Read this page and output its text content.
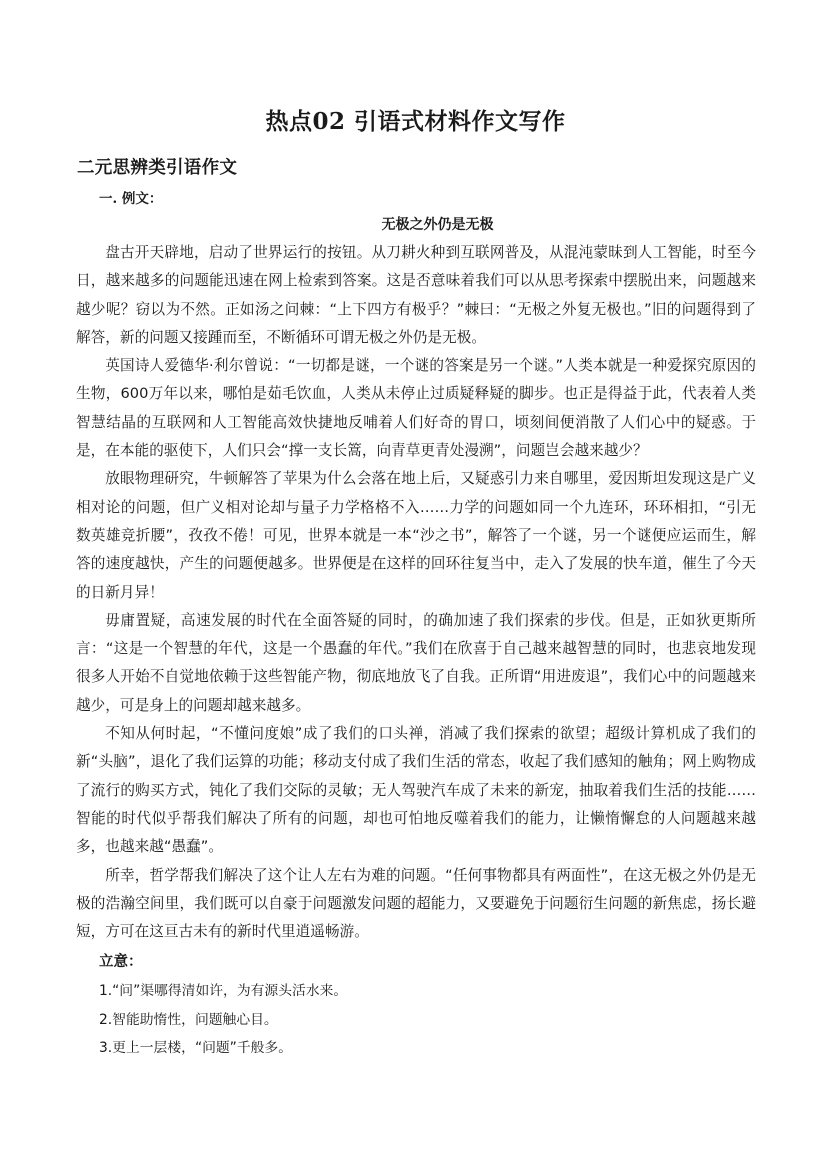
热点02 引语式材料作文写作
二元思辨类引语作文
一. 例文：
无极之外仍是无极

盘古开天辟地，启动了世界运行的按钮。从刀耕火种到互联网普及，从混沌蒙昧到人工智能，时至今日，越来越多的问题能迅速在网上检索到答案。这是否意味着我们可以从思考探索中摆脱出来，问题越来越少呢？窃以为不然。正如汤之问棘：“上下四方有极乎？”棘曰：“无极之外复无极也。”旧的问题得到了解答，新的问题又接踵而至，不断循环可谓无极之外仍是无极。

英国诗人爱德华·利尔曾说：“一切都是谜，一个谜的答案是另一个谜。”人类本就是一种爱探究原因的生物，600万年以来，哪怕是茹毛饮血，人类从未停止过质疑释疑的脚步。也正是得益于此，代表着人类智慧结晶的互联网和人工智能高效快捷地反哺着人们好奇的胃口，顷刻间便消散了人们心中的疑惑。于是，在本能的驱使下，人们只会“撑一支长篙，向青草更青处漫溯”，问题岂会越来越少？

放眼物理研究，牛顿解答了苹果为什么会落在地上后，又疑惑引力来自哪里，爱因斯坦发现这是广义相对论的问题，但广义相对论却与量子力学格格不入……力学的问题如同一个九连环，环环相扣，“引无数英雄竞折腰”，孜孜不倦！可见，世界本就是一本“沙之书”，解答了一个谜，另一个谜便应运而生，解答的速度越快，产生的问题便越多。世界便是在这样的回环往复当中，走入了发展的快车道，催生了今天的日新月异！

毋庸置疑，高速发展的时代在全面答疑的同时，的确加速了我们探索的步伐。但是，正如狄更斯所言：“这是一个智慧的年代，这是一个愚蠢的年代。”我们在欣喜于自己越来越智慧的同时，也悲哀地发现很多人开始不自觉地依赖于这些智能产物，彻底地放飞了自我。正所谓“用进废退”，我们心中的问题越来越少，可是身上的问题却越来越多。

不知从何时起，“不懂问度娘”成了我们的口头禅，消减了我们探索的欲望；超级计算机成了我们的新“头脑”，退化了我们运算的功能；移动支付成了我们生活的常态，收起了我们感知的触角；网上购物成了流行的购买方式，钝化了我们交际的灵敏；无人驾驶汽车成了未来的新宠，抽取着我们生活的技能……智能的时代似乎帮我们解决了所有的问题，却也可怕地反噬着我们的能力，让懒惰懈怠的人问题越来越多，也越来越“愚蠢”。

所幸，哲学帮我们解决了这个让人左右为难的问题。“任何事物都具有两面性”，在这无极之外仍是无极的浩瀚空间里，我们既可以自豪于问题激发问题的超能力，又要避免于问题衍生问题的新焦虑，扬长避短，方可在这亘古未有的新时代里逍遥畅游。

立意：
1.“问”渠哪得清如许，为有源头活水来。
2.智能助惰性，问题触心目。
3.更上一层楼，“问题”千般多。
